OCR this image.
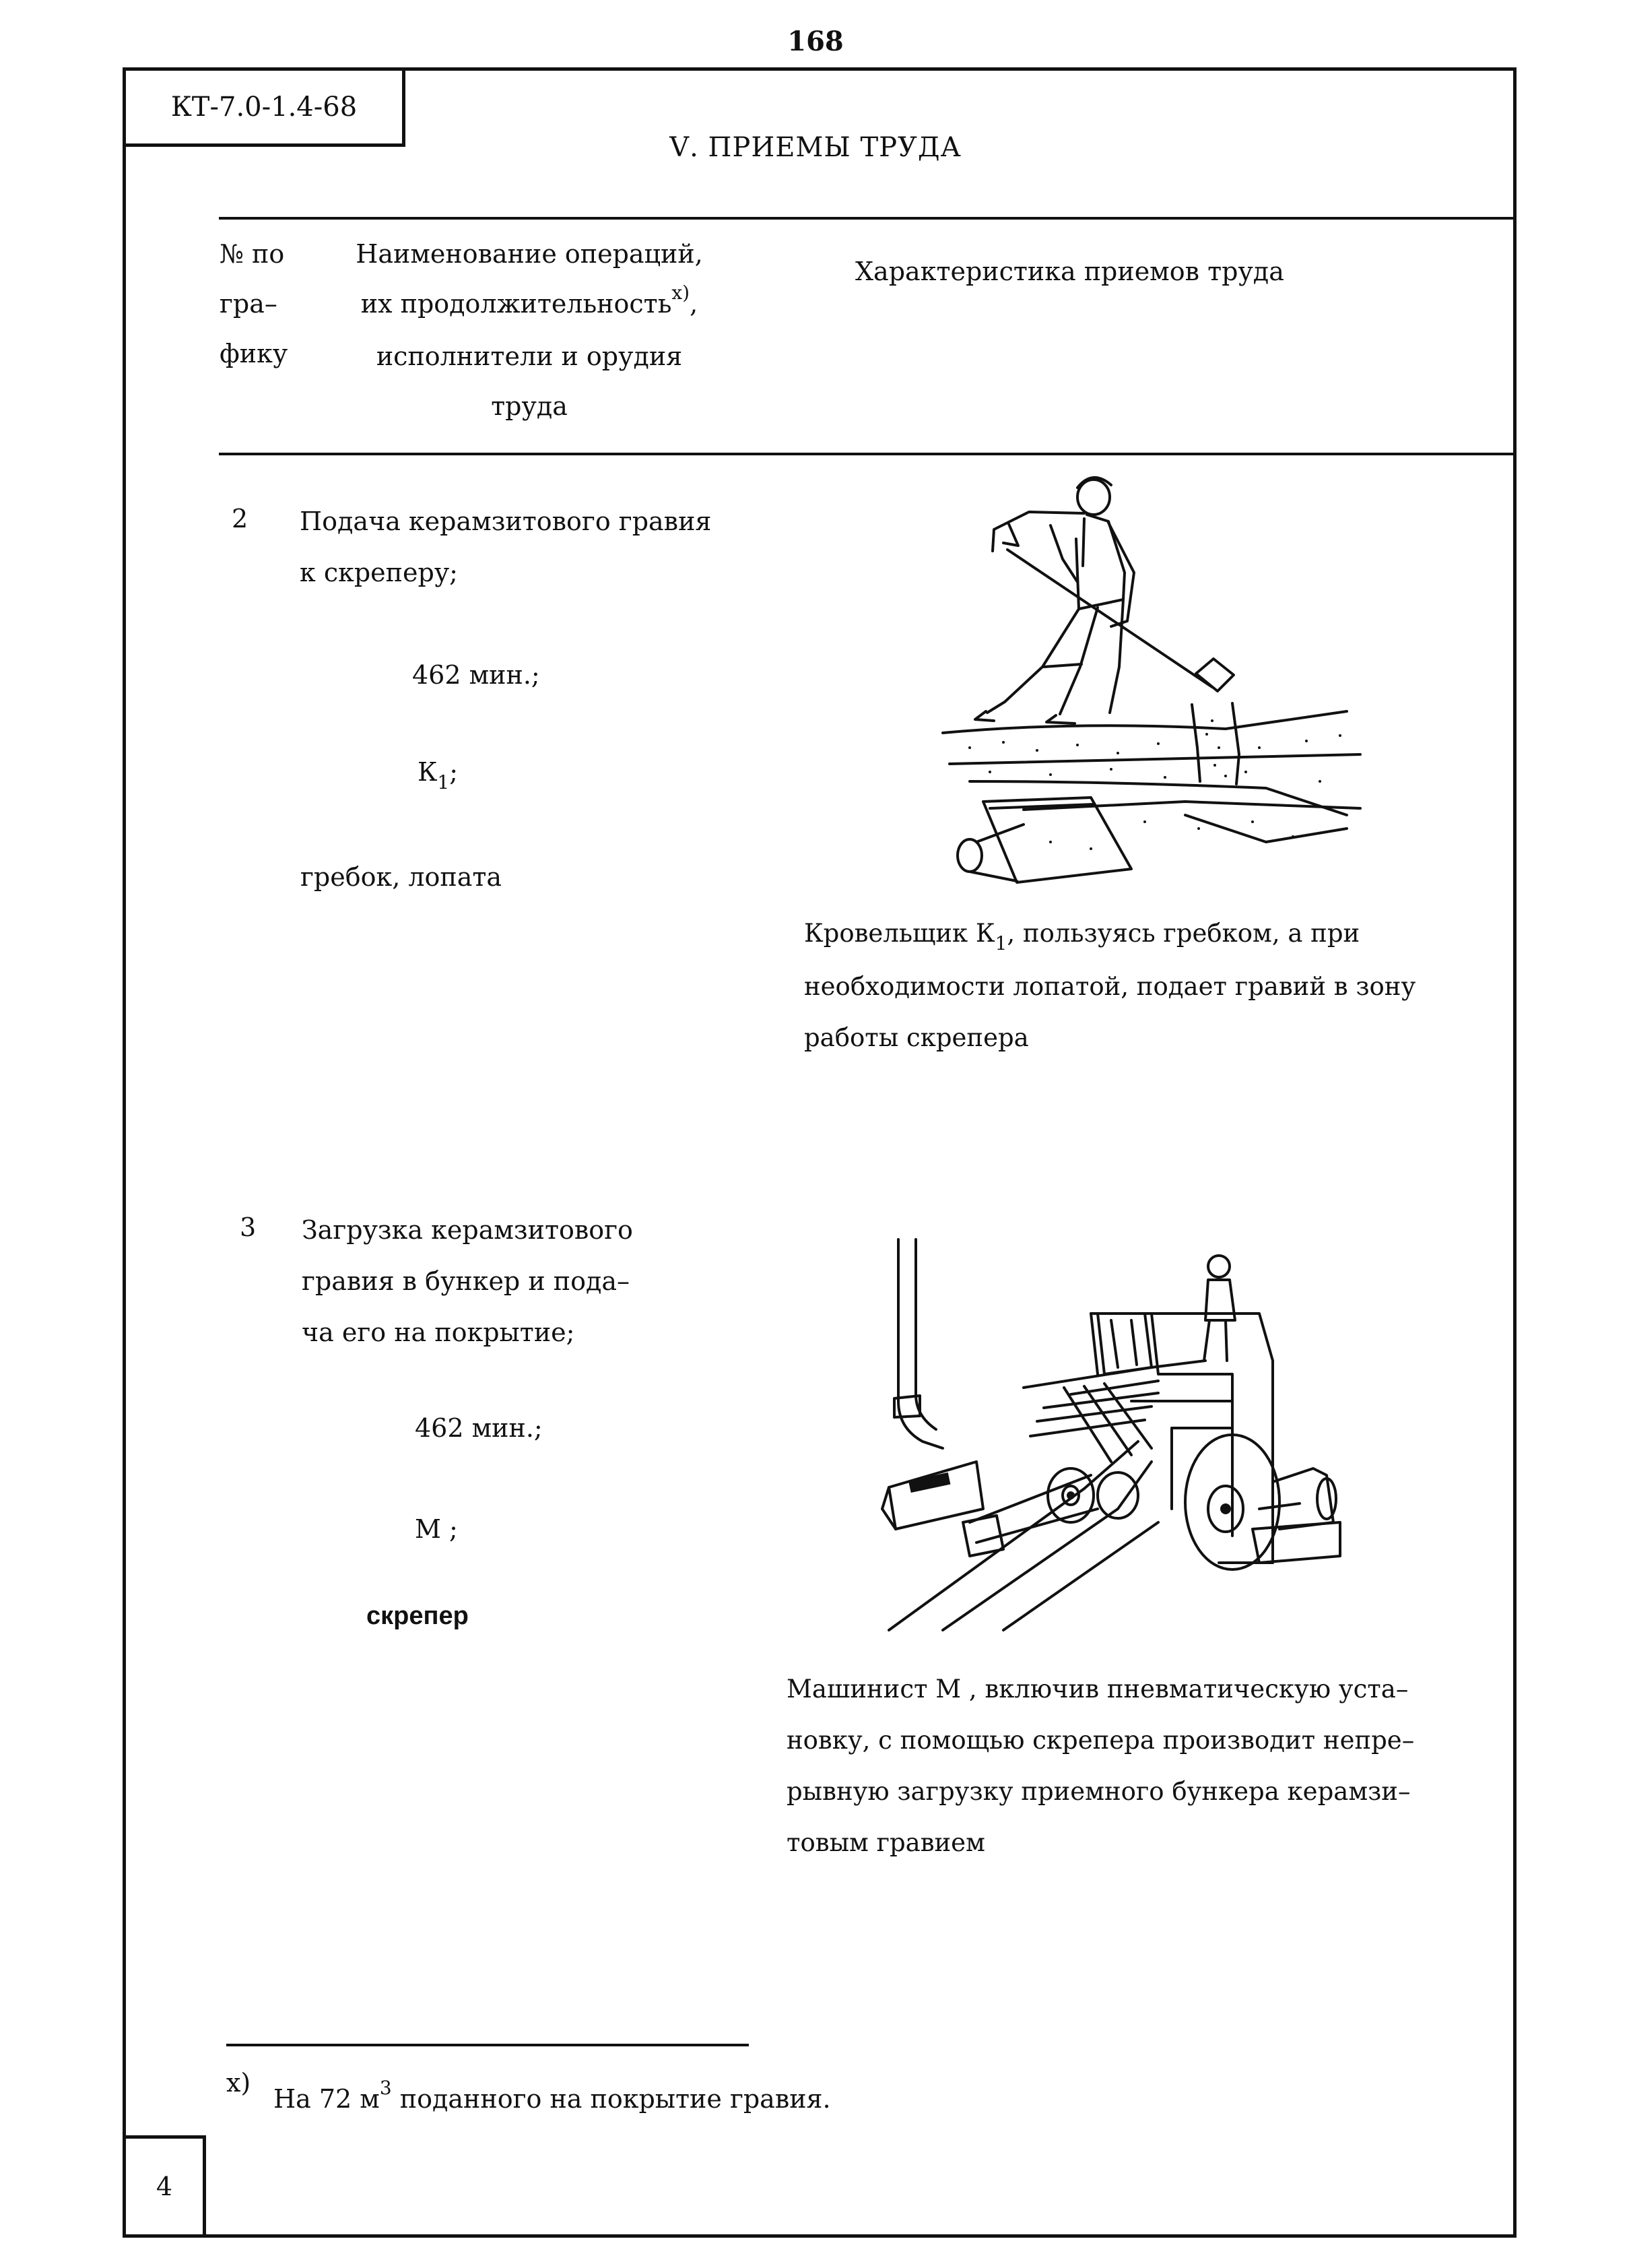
168
КТ-7.0-1.4-68
Ⅴ. ПРИЕМЫ ТРУДА
№ по
гра–
фику
Наименование операций,
их продолжительность$^{x)}$,
исполнители и орудия
труда
Характеристика приемов труда
2 Подача керамзитового гравия
к скреперу;
462 мин.;
$К_1$;
гребок, лопата
Кровельщик $К_1$, пользуясь гребком, а при
необходимости лопатой, подает гравий в зону
работы скрепера
3 Загрузка керамзитового
гравия в бункер и пода–
ча его на покрытие;
462 мин.;
М ;
скрепер
Машинист М , включив пневматическую уста–
новку, с помощью скрепера производит непре–
рывную загрузку приемного бункера керамзи–
товым гравием
x)
На 72 $м^3$ поданного на покрытие гравия.
4
